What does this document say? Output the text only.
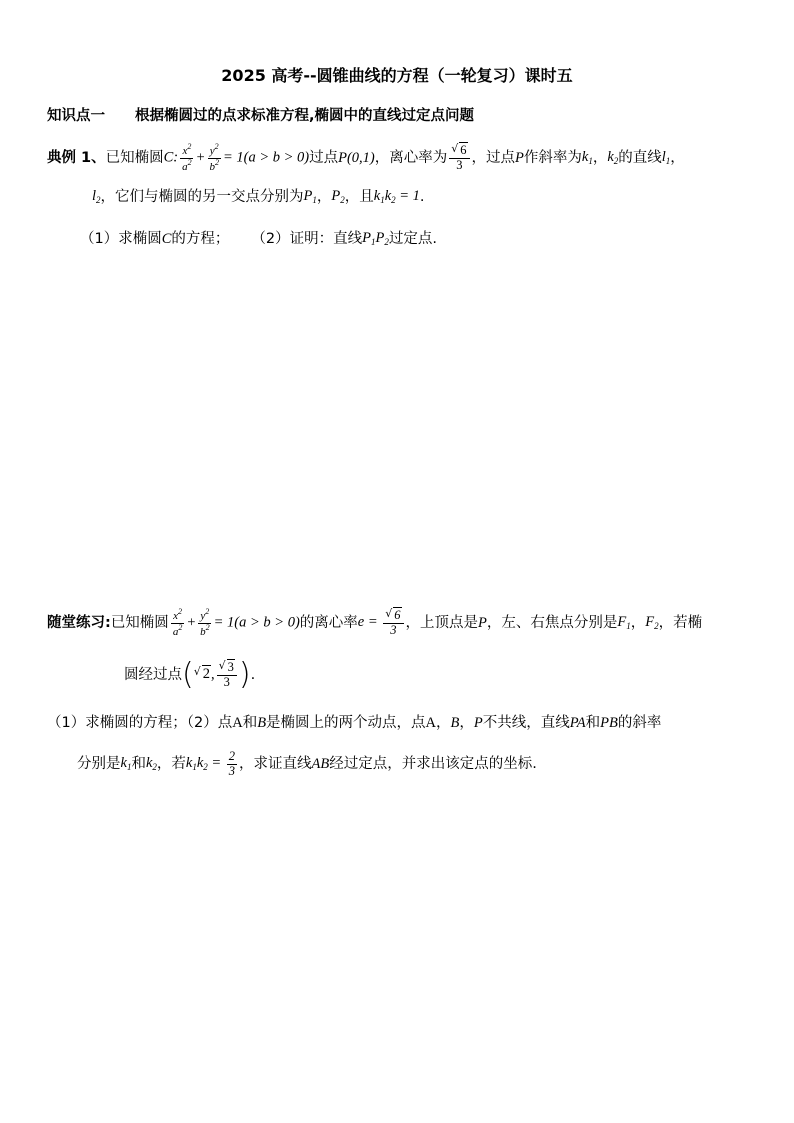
2025 高考--圆锥曲线的方程（一轮复习）课时五
知识点一 根据椭圆过的点求标准方程,椭圆中的直线过定点问题
典例 1、 已知椭圆 C: $\frac{x^2}{a^2} + \frac{y^2}{b^2} = 1(a > b > 0)$ 过点 P(0,1) ，离心率为 √ $\frac{6}{3}$ ，过点 P 作斜率为 $k_1$ ， $k_2$ 的直线 $l_1$ ，
$l_2$ ，它们与椭圆的另一交点分别为 $P_1$ ， $P_2$ ，且 $k_1k_2 = 1$ .
（1）求椭圆 C 的方程； （2）证明：直线 $P_1P_2$ 过定点.
随堂练习: 已知椭圆 $\frac{x^2}{a^2} + \frac{y^2}{b^2} = 1(a > b > 0)$ 的离心率 e = √ $\frac{6}{3}$ ，上顶点是 P ，左、右焦点分别是 $F_1$ ， $F_2$ ，若椭
圆经过点 ( √ 2, √ $\frac{3}{3}$ ) .
（1）求椭圆的方程；（2）点 A 和 B 是椭圆上的两个动点，点 A ， B ， P 不共线，直线 PA 和 PB 的斜率
分别是 $k_1$ 和 $k_2$ ，若 $k_1k_2 = \frac{2}{3}$ ，求证直线 AB 经过定点，并求出该定点的坐标.
